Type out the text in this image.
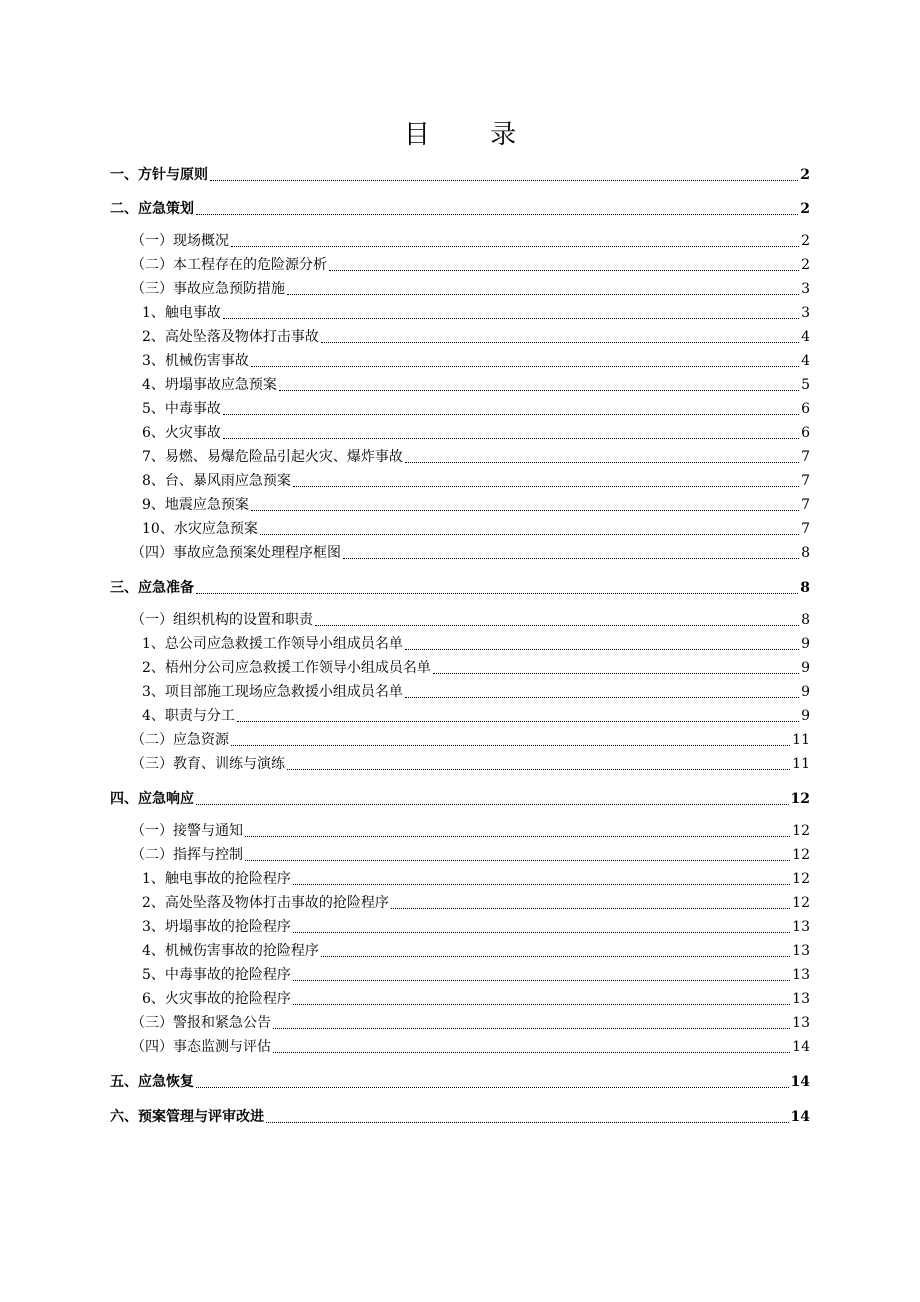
目 录
一、方针与原则	2
二、应急策划	2
（一）现场概况	2
（二）本工程存在的危险源分析	2
（三）事故应急预防措施	3
1、触电事故	3
2、高处坠落及物体打击事故	4
3、机械伤害事故	4
4、坍塌事故应急预案	5
5、中毒事故	6
6、火灾事故	6
7、易燃、易爆危险品引起火灾、爆炸事故	7
8、台、暴风雨应急预案	7
9、地震应急预案	7
10、水灾应急预案	7
（四）事故应急预案处理程序框图	8
三、应急准备	8
（一）组织机构的设置和职责	8
1、总公司应急救援工作领导小组成员名单	9
2、梧州分公司应急救援工作领导小组成员名单	9
3、项目部施工现场应急救援小组成员名单	9
4、职责与分工	9
（二）应急资源	11
（三）教育、训练与演练	11
四、应急响应	12
（一）接警与通知	12
（二）指挥与控制	12
1、触电事故的抢险程序	12
2、高处坠落及物体打击事故的抢险程序	12
3、坍塌事故的抢险程序	13
4、机械伤害事故的抢险程序	13
5、中毒事故的抢险程序	13
6、火灾事故的抢险程序	13
（三）警报和紧急公告	13
（四）事态监测与评估	14
五、应急恢复	14
六、预案管理与评审改进	14
